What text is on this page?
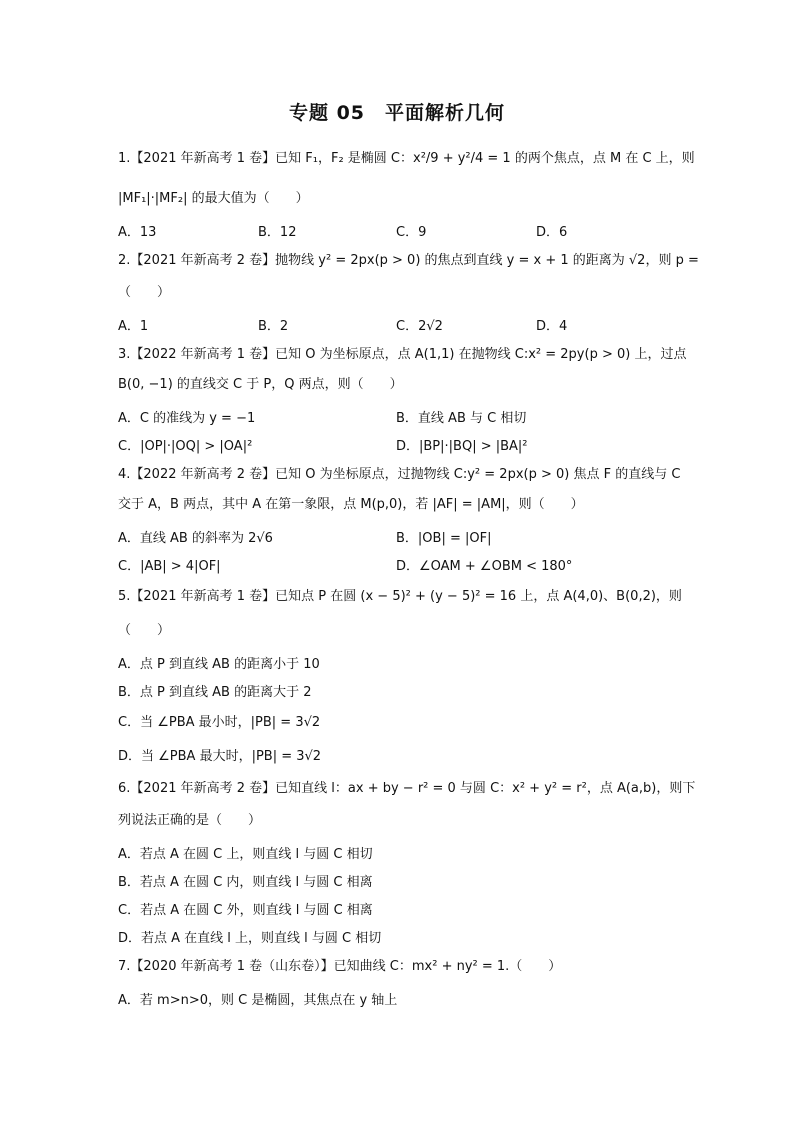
专题 05　平面解析几何
1.【2021 年新高考 1 卷】已知 F₁，F₂ 是椭圆 C：x²/9 + y²/4 = 1 的两个焦点，点 M 在 C 上，则
|MF₁|·|MF₂| 的最大值为（　　）
A．13	B．12	C．9	D．6
2.【2021 年新高考 2 卷】抛物线 y² = 2px(p > 0) 的焦点到直线 y = x + 1 的距离为 √2，则 p =
（　　）
A．1	B．2	C．2√2	D．4
3.【2022 年新高考 1 卷】已知 O 为坐标原点，点 A(1,1) 在抛物线 C:x² = 2py(p > 0) 上，过点
B(0, −1) 的直线交 C 于 P，Q 两点，则（　　）
A．C 的准线为 y = −1	B．直线 AB 与 C 相切
C．|OP|·|OQ| > |OA|²	D．|BP|·|BQ| > |BA|²
4.【2022 年新高考 2 卷】已知 O 为坐标原点，过抛物线 C:y² = 2px(p > 0) 焦点 F 的直线与 C
交于 A，B 两点，其中 A 在第一象限，点 M(p,0)，若 |AF| = |AM|，则（　　）
A．直线 AB 的斜率为 2√6	B．|OB| = |OF|
C．|AB| > 4|OF|	D．∠OAM + ∠OBM < 180°
5.【2021 年新高考 1 卷】已知点 P 在圆 (x − 5)² + (y − 5)² = 16 上，点 A(4,0)、B(0,2)，则
（　　）
A．点 P 到直线 AB 的距离小于 10
B．点 P 到直线 AB 的距离大于 2
C．当 ∠PBA 最小时，|PB| = 3√2
D．当 ∠PBA 最大时，|PB| = 3√2
6.【2021 年新高考 2 卷】已知直线 l：ax + by − r² = 0 与圆 C：x² + y² = r²，点 A(a,b)，则下
列说法正确的是（　　）
A．若点 A 在圆 C 上，则直线 l 与圆 C 相切
B．若点 A 在圆 C 内，则直线 l 与圆 C 相离
C．若点 A 在圆 C 外，则直线 l 与圆 C 相离
D．若点 A 在直线 l 上，则直线 l 与圆 C 相切
7.【2020 年新高考 1 卷（山东卷）】已知曲线 C：mx² + ny² = 1.（　　）
A．若 m>n>0，则 C 是椭圆，其焦点在 y 轴上
